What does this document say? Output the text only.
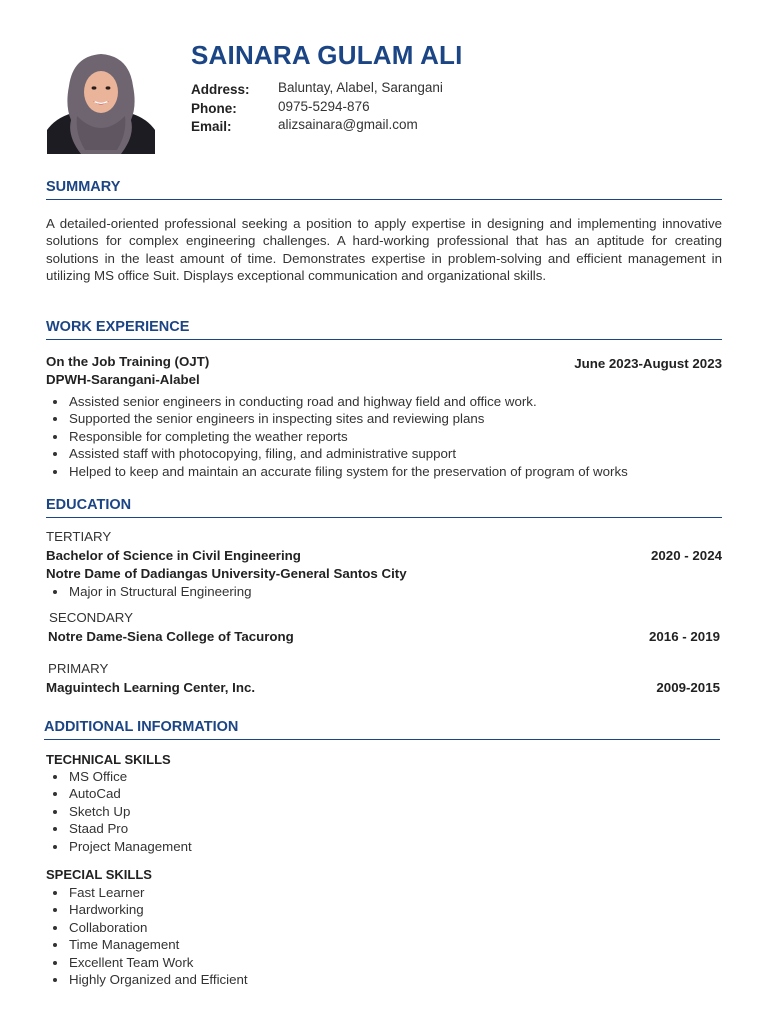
SAINARA GULAM ALI
Address:	Baluntay, Alabel, Sarangani
Phone:	0975-5294-876
Email:	alizsainara@gmail.com
SUMMARY

A detailed-oriented professional seeking a position to apply expertise in designing and implementing innovative solutions for complex engineering challenges. A hard-working professional that has an aptitude for creating solutions in the least amount of time. Demonstrates expertise in problem-solving and efficient management in utilizing MS office Suit. Displays exceptional communication and organizational skills.

WORK EXPERIENCE
On the Job Training (OJT)	June 2023-August 2023
DPWH-Sarangani-Alabel
• Assisted senior engineers in conducting road and highway field and office work.
• Supported the senior engineers in inspecting sites and reviewing plans
• Responsible for completing the weather reports
• Assisted staff with photocopying, filing, and administrative support
• Helped to keep and maintain an accurate filing system for the preservation of program of works
EDUCATION
TERTIARY
Bachelor of Science in Civil Engineering	2020 - 2024
Notre Dame of Dadiangas University-General Santos City
• Major in Structural Engineering
SECONDARY
Notre Dame-Siena College of Tacurong	2016 - 2019
PRIMARY
Maguintech Learning Center, Inc.	2009-2015
ADDITIONAL INFORMATION
TECHNICAL SKILLS
• MS Office
• AutoCad
• Sketch Up
• Staad Pro
• Project Management
SPECIAL SKILLS
• Fast Learner
• Hardworking
• Collaboration
• Time Management
• Excellent Team Work
• Highly Organized and Efficient
